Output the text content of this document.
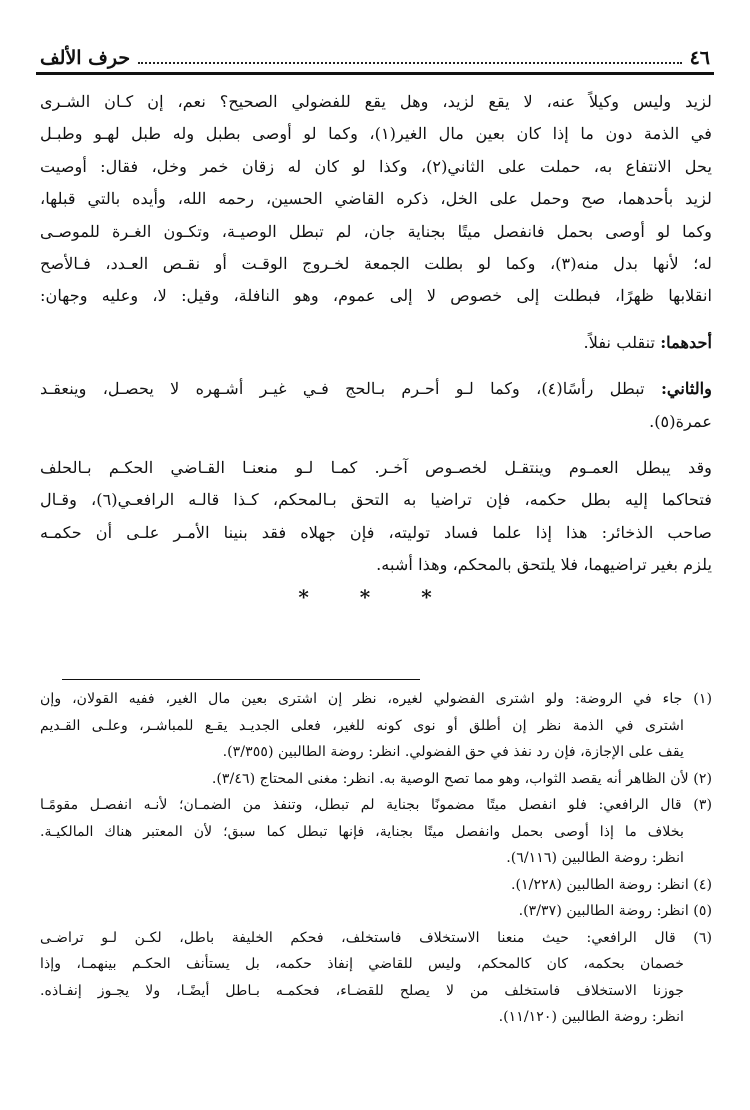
٤٦
حرف الألف
لزيد وليس وكيلاً عنه، لا يقع لزيد، وهل يقع للفضولي الصحيح؟ نعم، إن كـان الشـرى
في الذمة دون ما إذا كان بعين مال الغير(١)، وكما لو أوصى بطبل وله طبل لهـو وطبـل
يحل الانتفاع به، حملت على الثاني(٢)، وكذا لو كان له زقان خمر وخل، فقال: أوصيت
لزيد بأحدهما، صح وحمل على الخل، ذكره القاضي الحسين، رحمه الله، وأيده بالتي قبلها،
وكما لو أوصى بحمل فانفصل ميتًا بجناية جان، لم تبطل الوصيـة، وتكـون الغـرة للموصـى
له؛ لأنها بدل منه(٣)، وكما لو بطلت الجمعة لخـروج الوقـت أو نقـص العـدد، فـالأصح
انقلابها ظهرًا، فبطلت إلى خصوص لا إلى عموم، وهو النافلة، وقيل: لا، وعليه وجهان:
أحدهما: تنقلب نفلاً.
والثاني: تبطل رأسًا(٤)، وكما لـو أحـرم بـالحج فـي غيـر أشـهره لا يحصـل، وينعقـد
عمرة(٥).
وقد يبطل العمـوم وينتقـل لخصـوص آخـر. كمـا لـو منعنـا القـاضي الحكـم بـالحلف
فتحاكما إليه بطل حكمه، فإن تراضيا به التحق بـالمحكم، كـذا قالـه الرافعـي(٦)، وقـال
صاحب الذخائر: هذا إذا علما فساد توليته، فإن جهلاه فقد بنينا الأمـر علـى أن حكمـه
يلزم بغير تراضيهما، فلا يلتحق بالمحكم، وهذا أشبه.
* * *
(١) جاء في الروضة: ولو اشترى الفضولي لغيره، نظر إن اشترى بعين مال الغير، ففيه القولان، وإن
اشترى في الذمة نظر إن أطلق أو نوى كونه للغير، فعلى الجديـد يقـع للمباشـر، وعلـى القـديم
يقف على الإجازة، فإن رد نفذ في حق الفضولي. انظر: روضة الطالبين (٣/٣٥٥).
(٢) لأن الظاهر أنه يقصد الثواب، وهو مما تصح الوصية به. انظر: مغنى المحتاج (٣/٤٦).
(٣) قال الرافعي: فلو انفصل ميتًا مضمونًا بجناية لم تبطل، وتنفذ من الضمـان؛ لأنـه انفصـل مقومًـا
بخلاف ما إذا أوصى بحمل وانفصل ميتًا بجناية، فإنها تبطل كما سبق؛ لأن المعتبر هناك المالكيـة.
انظر: روضة الطالبين (٦/١١٦).
(٤) انظر: روضة الطالبين (١/٢٢٨).
(٥) انظر: روضة الطالبين (٣/٣٧).
(٦) قال الرافعي: حيث منعنا الاستخلاف فاستخلف، فحكم الخليفة باطل، لكـن لـو تراضـى
خصمان بحكمه، كان كالمحكم، وليس للقاضي إنفاذ حكمه، بل يستأنف الحكـم بينهمـا، وإذا
جوزنا الاستخلاف فاستخلف من لا يصلح للقضـاء، فحكمـه بـاطل أيضًـا، ولا يجـوز إنفـاذه.
انظر: روضة الطالبين (١١/١٢٠).
